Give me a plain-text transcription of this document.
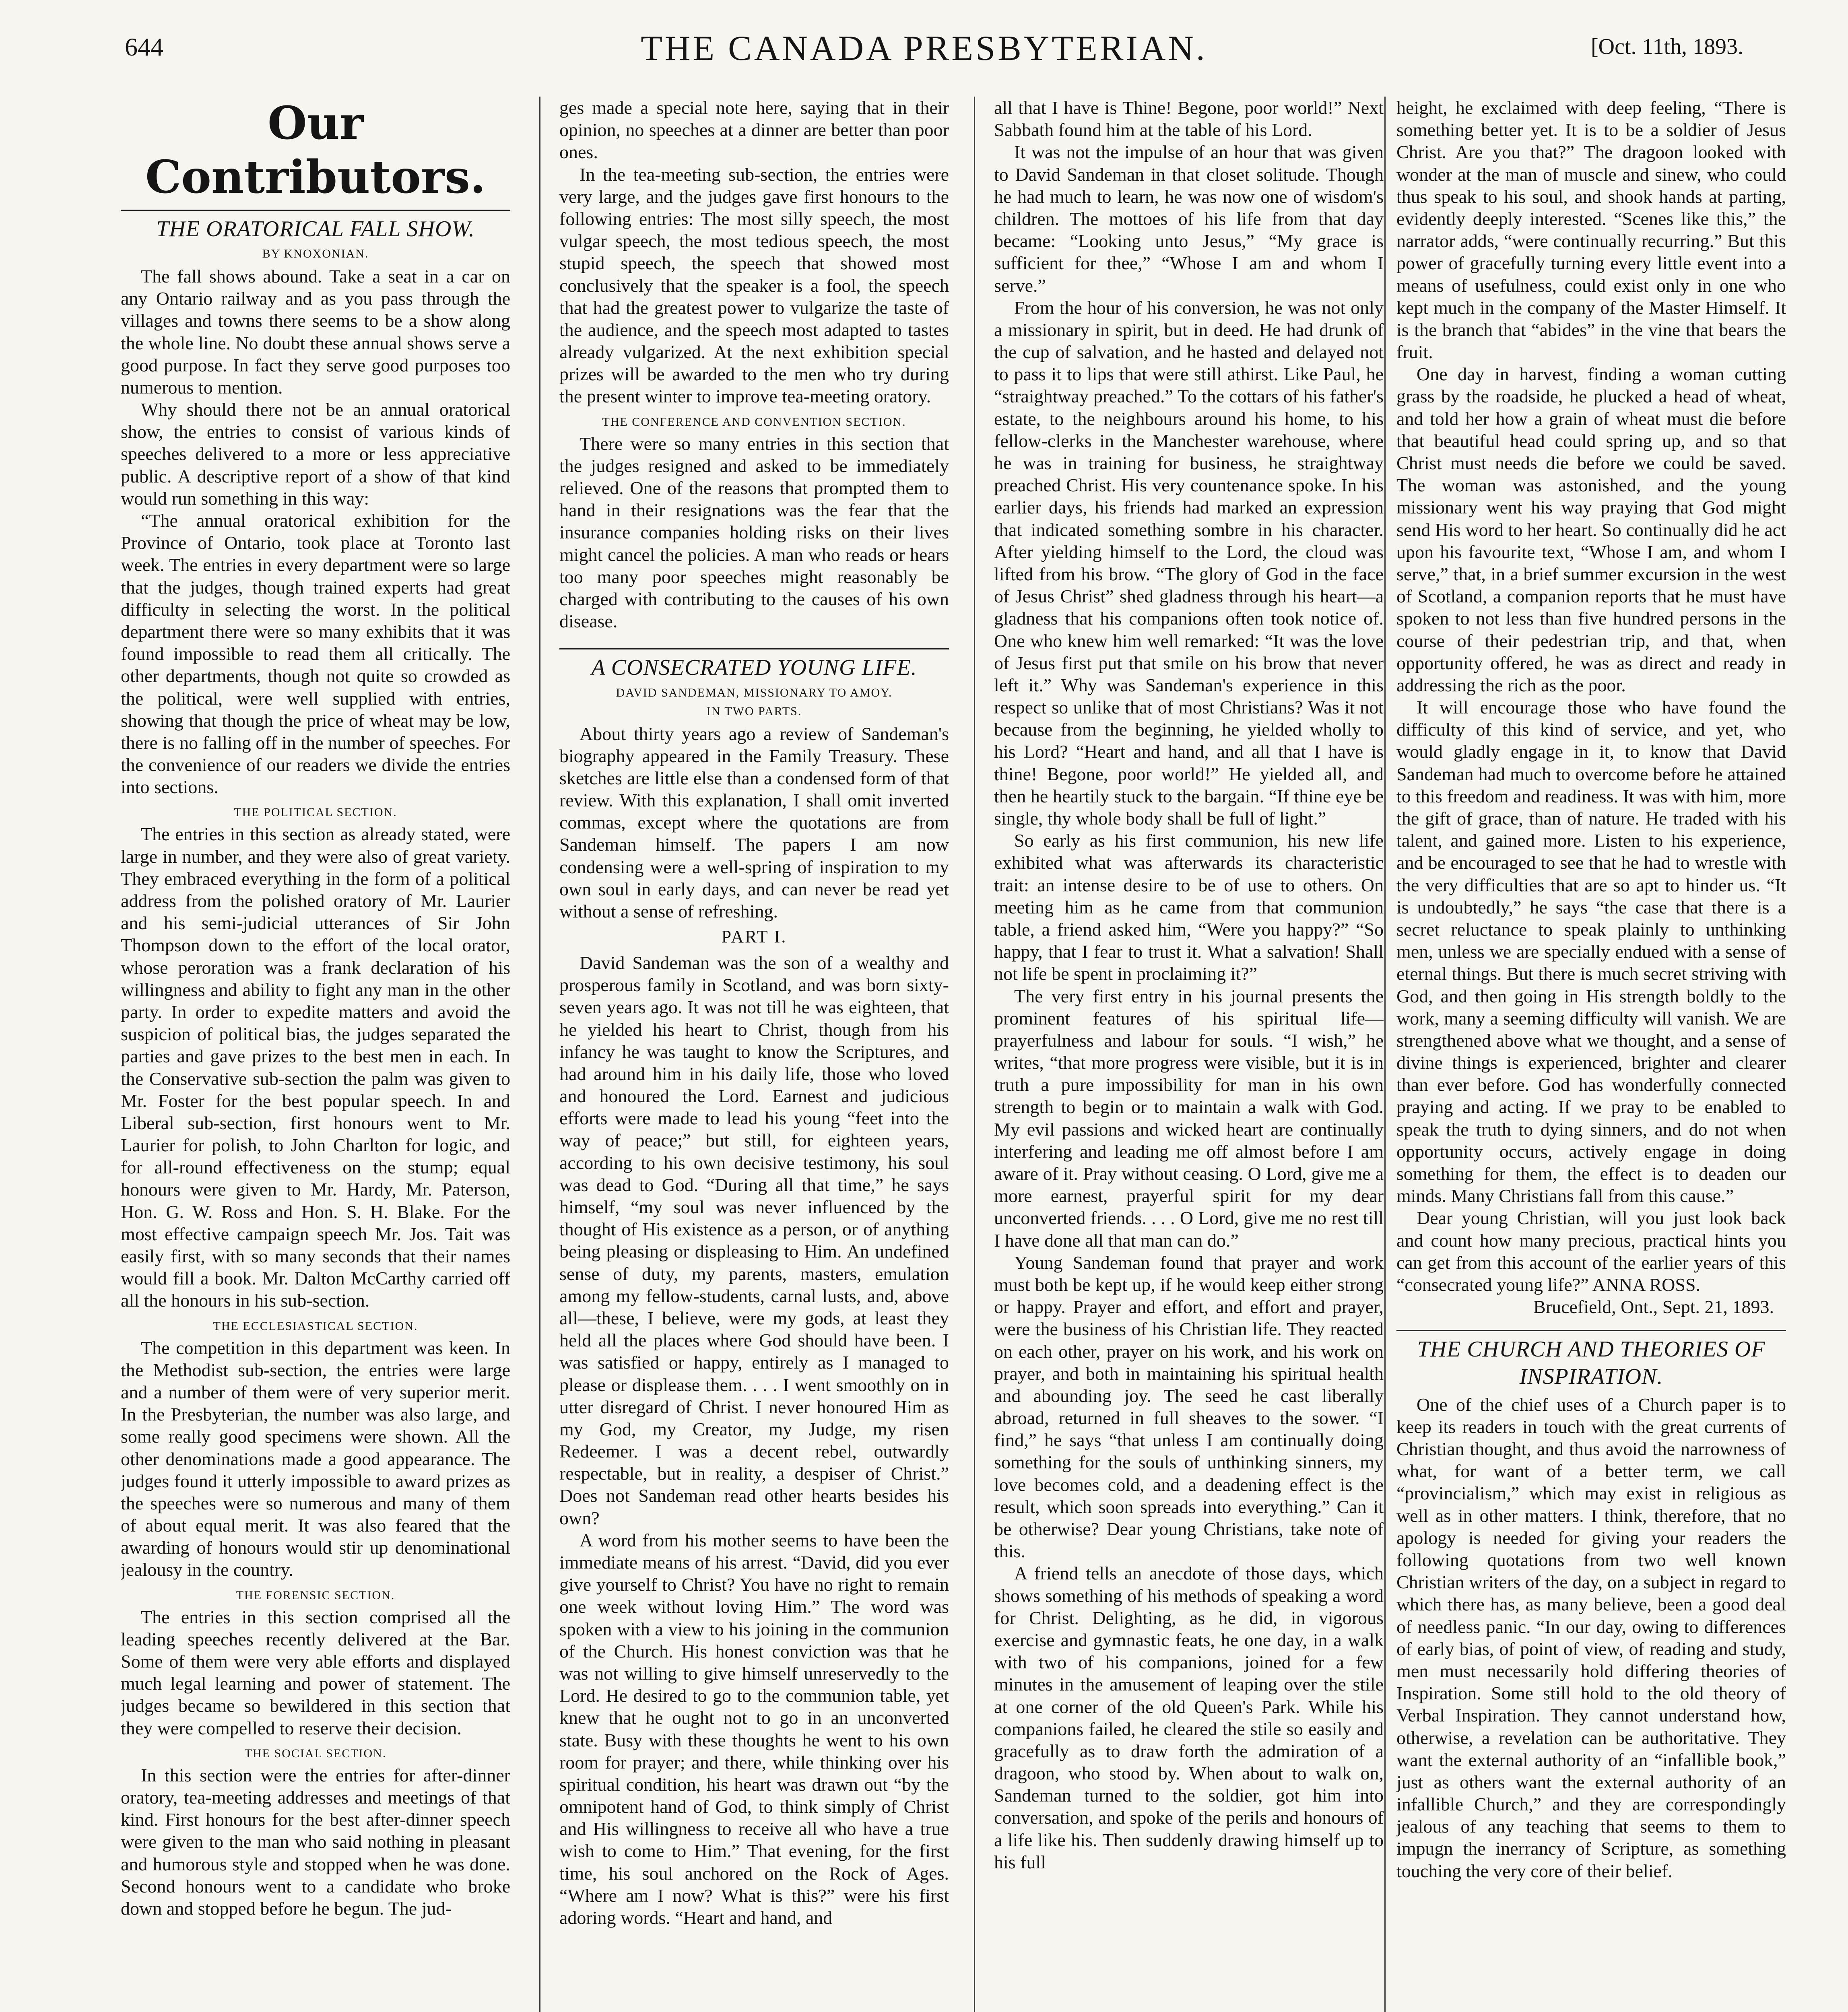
644	THE CANADA PRESBYTERIAN.	[Oct. 11th, 1893.
Our Contributors.
THE ORATORICAL FALL SHOW.
BY KNOXONIAN.

The fall shows abound. Take a seat in a car on any Ontario railway and as you pass through the villages and towns there seems to be a show along the whole line. No doubt these annual shows serve a good purpose. In fact they serve good purposes too numerous to mention.

Why should there not be an annual oratorical show, the entries to consist of various kinds of speeches delivered to a more or less appreciative public. A descriptive report of a show of that kind would run something in this way:

“The annual oratorical exhibition for the Province of Ontario, took place at Toronto last week. The entries in every department were so large that the judges, though trained experts had great difficulty in selecting the worst. In the political department there were so many exhibits that it was found impossible to read them all critically. The other departments, though not quite so crowded as the political, were well supplied with entries, showing that though the price of wheat may be low, there is no falling off in the number of speeches. For the convenience of our readers we divide the entries into sections.

THE POLITICAL SECTION.

The entries in this section as already stated, were large in number, and they were also of great variety. They embraced everything in the form of a political address from the polished oratory of Mr. Laurier and his semi-judicial utterances of Sir John Thompson down to the effort of the local orator, whose peroration was a frank declaration of his willingness and ability to fight any man in the other party. In order to expedite matters and avoid the suspicion of political bias, the judges separated the parties and gave prizes to the best men in each. In the Conservative sub-section the palm was given to Mr. Foster for the best popular speech. In and Liberal sub-section, first honours went to Mr. Laurier for polish, to John Charlton for logic, and for all-round effectiveness on the stump; equal honours were given to Mr. Hardy, Mr. Paterson, Hon. G. W. Ross and Hon. S. H. Blake. For the most effective campaign speech Mr. Jos. Tait was easily first, with so many seconds that their names would fill a book. Mr. Dalton McCarthy carried off all the honours in his sub-section.

THE ECCLESIASTICAL SECTION.

The competition in this department was keen. In the Methodist sub-section, the entries were large and a number of them were of very superior merit. In the Presbyterian, the number was also large, and some really good specimens were shown. All the other denominations made a good appearance. The judges found it utterly impossible to award prizes as the speeches were so numerous and many of them of about equal merit. It was also feared that the awarding of honours would stir up denominational jealousy in the country.

THE FORENSIC SECTION.

The entries in this section comprised all the leading speeches recently delivered at the Bar. Some of them were very able efforts and displayed much legal learning and power of statement. The judges became so bewildered in this section that they were compelled to reserve their decision.

THE SOCIAL SECTION.

In this section were the entries for after-dinner oratory, tea-meeting addresses and meetings of that kind. First honours for the best after-dinner speech were given to the man who said nothing in pleasant and humorous style and stopped when he was done. Second honours went to a candidate who broke down and stopped before he begun. The jud-

ges made a special note here, saying that in their opinion, no speeches at a dinner are better than poor ones.

In the tea-meeting sub-section, the entries were very large, and the judges gave first honours to the following entries: The most silly speech, the most vulgar speech, the most tedious speech, the most stupid speech, the speech that showed most conclusively that the speaker is a fool, the speech that had the greatest power to vulgarize the taste of the audience, and the speech most adapted to tastes already vulgarized. At the next exhibition special prizes will be awarded to the men who try during the present winter to improve tea-meeting oratory.

THE CONFERENCE AND CONVENTION SECTION.

There were so many entries in this section that the judges resigned and asked to be immediately relieved. One of the reasons that prompted them to hand in their resignations was the fear that the insurance companies holding risks on their lives might cancel the policies. A man who reads or hears too many poor speeches might reasonably be charged with contributing to the causes of his own disease.

A CONSECRATED YOUNG LIFE.
DAVID SANDEMAN, MISSIONARY TO AMOY.
IN TWO PARTS.

About thirty years ago a review of Sandeman's biography appeared in the Family Treasury. These sketches are little else than a condensed form of that review. With this explanation, I shall omit inverted commas, except where the quotations are from Sandeman himself. The papers I am now condensing were a well-spring of inspiration to my own soul in early days, and can never be read yet without a sense of refreshing.

PART I.

David Sandeman was the son of a wealthy and prosperous family in Scotland, and was born sixty-seven years ago. It was not till he was eighteen, that he yielded his heart to Christ, though from his infancy he was taught to know the Scriptures, and had around him in his daily life, those who loved and honoured the Lord. Earnest and judicious efforts were made to lead his young “feet into the way of peace;” but still, for eighteen years, according to his own decisive testimony, his soul was dead to God. “During all that time,” he says himself, “my soul was never influenced by the thought of His existence as a person, or of anything being pleasing or displeasing to Him. An undefined sense of duty, my parents, masters, emulation among my fellow-students, carnal lusts, and, above all—these, I believe, were my gods, at least they held all the places where God should have been. I was satisfied or happy, entirely as I managed to please or displease them. . . . I went smoothly on in utter disregard of Christ. I never honoured Him as my God, my Creator, my Judge, my risen Redeemer. I was a decent rebel, outwardly respectable, but in reality, a despiser of Christ.” Does not Sandeman read other hearts besides his own?

A word from his mother seems to have been the immediate means of his arrest. “David, did you ever give yourself to Christ? You have no right to remain one week without loving Him.” The word was spoken with a view to his joining in the communion of the Church. His honest conviction was that he was not willing to give himself unreservedly to the Lord. He desired to go to the communion table, yet knew that he ought not to go in an unconverted state. Busy with these thoughts he went to his own room for prayer; and there, while thinking over his spiritual condition, his heart was drawn out “by the omnipotent hand of God, to think simply of Christ and His willingness to receive all who have a true wish to come to Him.” That evening, for the first time, his soul anchored on the Rock of Ages. “Where am I now? What is this?” were his first adoring words. “Heart and hand, and

all that I have is Thine! Begone, poor world!” Next Sabbath found him at the table of his Lord.

It was not the impulse of an hour that was given to David Sandeman in that closet solitude. Though he had much to learn, he was now one of wisdom's children. The mottoes of his life from that day became: “Looking unto Jesus,” “My grace is sufficient for thee,” “Whose I am and whom I serve.”

From the hour of his conversion, he was not only a missionary in spirit, but in deed. He had drunk of the cup of salvation, and he hasted and delayed not to pass it to lips that were still athirst. Like Paul, he “straightway preached.” To the cottars of his father's estate, to the neighbours around his home, to his fellow-clerks in the Manchester warehouse, where he was in training for business, he straightway preached Christ. His very countenance spoke. In his earlier days, his friends had marked an expression that indicated something sombre in his character. After yielding himself to the Lord, the cloud was lifted from his brow. “The glory of God in the face of Jesus Christ” shed gladness through his heart—a gladness that his companions often took notice of. One who knew him well remarked: “It was the love of Jesus first put that smile on his brow that never left it.” Why was Sandeman's experience in this respect so unlike that of most Christians? Was it not because from the beginning, he yielded wholly to his Lord? “Heart and hand, and all that I have is thine! Begone, poor world!” He yielded all, and then he heartily stuck to the bargain. “If thine eye be single, thy whole body shall be full of light.”

So early as his first communion, his new life exhibited what was afterwards its characteristic trait: an intense desire to be of use to others. On meeting him as he came from that communion table, a friend asked him, “Were you happy?” “So happy, that I fear to trust it. What a salvation! Shall not life be spent in proclaiming it?”

The very first entry in his journal presents the prominent features of his spiritual life—prayerfulness and labour for souls. “I wish,” he writes, “that more progress were visible, but it is in truth a pure impossibility for man in his own strength to begin or to maintain a walk with God. My evil passions and wicked heart are continually interfering and leading me off almost before I am aware of it. Pray without ceasing. O Lord, give me a more earnest, prayerful spirit for my dear unconverted friends. . . . O Lord, give me no rest till I have done all that man can do.”

Young Sandeman found that prayer and work must both be kept up, if he would keep either strong or happy. Prayer and effort, and effort and prayer, were the business of his Christian life. They reacted on each other, prayer on his work, and his work on prayer, and both in maintaining his spiritual health and abounding joy. The seed he cast liberally abroad, returned in full sheaves to the sower. “I find,” he says “that unless I am continually doing something for the souls of unthinking sinners, my love becomes cold, and a deadening effect is the result, which soon spreads into everything.” Can it be otherwise? Dear young Christians, take note of this.

A friend tells an anecdote of those days, which shows something of his methods of speaking a word for Christ. Delighting, as he did, in vigorous exercise and gymnastic feats, he one day, in a walk with two of his companions, joined for a few minutes in the amusement of leaping over the stile at one corner of the old Queen's Park. While his companions failed, he cleared the stile so easily and gracefully as to draw forth the admiration of a dragoon, who stood by. When about to walk on, Sandeman turned to the soldier, got him into conversation, and spoke of the perils and honours of a life like his. Then suddenly drawing himself up to his full

height, he exclaimed with deep feeling, “There is something better yet. It is to be a soldier of Jesus Christ. Are you that?” The dragoon looked with wonder at the man of muscle and sinew, who could thus speak to his soul, and shook hands at parting, evidently deeply interested. “Scenes like this,” the narrator adds, “were continually recurring.” But this power of gracefully turning every little event into a means of usefulness, could exist only in one who kept much in the company of the Master Himself. It is the branch that “abides” in the vine that bears the fruit.

One day in harvest, finding a woman cutting grass by the roadside, he plucked a head of wheat, and told her how a grain of wheat must die before that beautiful head could spring up, and so that Christ must needs die before we could be saved. The woman was astonished, and the young missionary went his way praying that God might send His word to her heart. So continually did he act upon his favourite text, “Whose I am, and whom I serve,” that, in a brief summer excursion in the west of Scotland, a companion reports that he must have spoken to not less than five hundred persons in the course of their pedestrian trip, and that, when opportunity offered, he was as direct and ready in addressing the rich as the poor.

It will encourage those who have found the difficulty of this kind of service, and yet, who would gladly engage in it, to know that David Sandeman had much to overcome before he attained to this freedom and readiness. It was with him, more the gift of grace, than of nature. He traded with his talent, and gained more. Listen to his experience, and be encouraged to see that he had to wrestle with the very difficulties that are so apt to hinder us. “It is undoubtedly,” he says “the case that there is a secret reluctance to speak plainly to unthinking men, unless we are specially endued with a sense of eternal things. But there is much secret striving with God, and then going in His strength boldly to the work, many a seeming difficulty will vanish. We are strengthened above what we thought, and a sense of divine things is experienced, brighter and clearer than ever before. God has wonderfully connected praying and acting. If we pray to be enabled to speak the truth to dying sinners, and do not when opportunity occurs, actively engage in doing something for them, the effect is to deaden our minds. Many Christians fall from this cause.”

Dear young Christian, will you just look back and count how many precious, practical hints you can get from this account of the earlier years of this “consecrated young life?” ANNA ROSS.

Brucefield, Ont., Sept. 21, 1893.

THE CHURCH AND THEORIES OF INSPIRATION.

One of the chief uses of a Church paper is to keep its readers in touch with the great currents of Christian thought, and thus avoid the narrowness of what, for want of a better term, we call “provincialism,” which may exist in religious as well as in other matters. I think, therefore, that no apology is needed for giving your readers the following quotations from two well known Christian writers of the day, on a subject in regard to which there has, as many believe, been a good deal of needless panic. “In our day, owing to differences of early bias, of point of view, of reading and study, men must necessarily hold differing theories of Inspiration. Some still hold to the old theory of Verbal Inspiration. They cannot understand how, otherwise, a revelation can be authoritative. They want the external authority of an “infallible book,” just as others want the external authority of an infallible Church,” and they are correspondingly jealous of any teaching that seems to them to impugn the inerrancy of Scripture, as something touching the very core of their belief.
